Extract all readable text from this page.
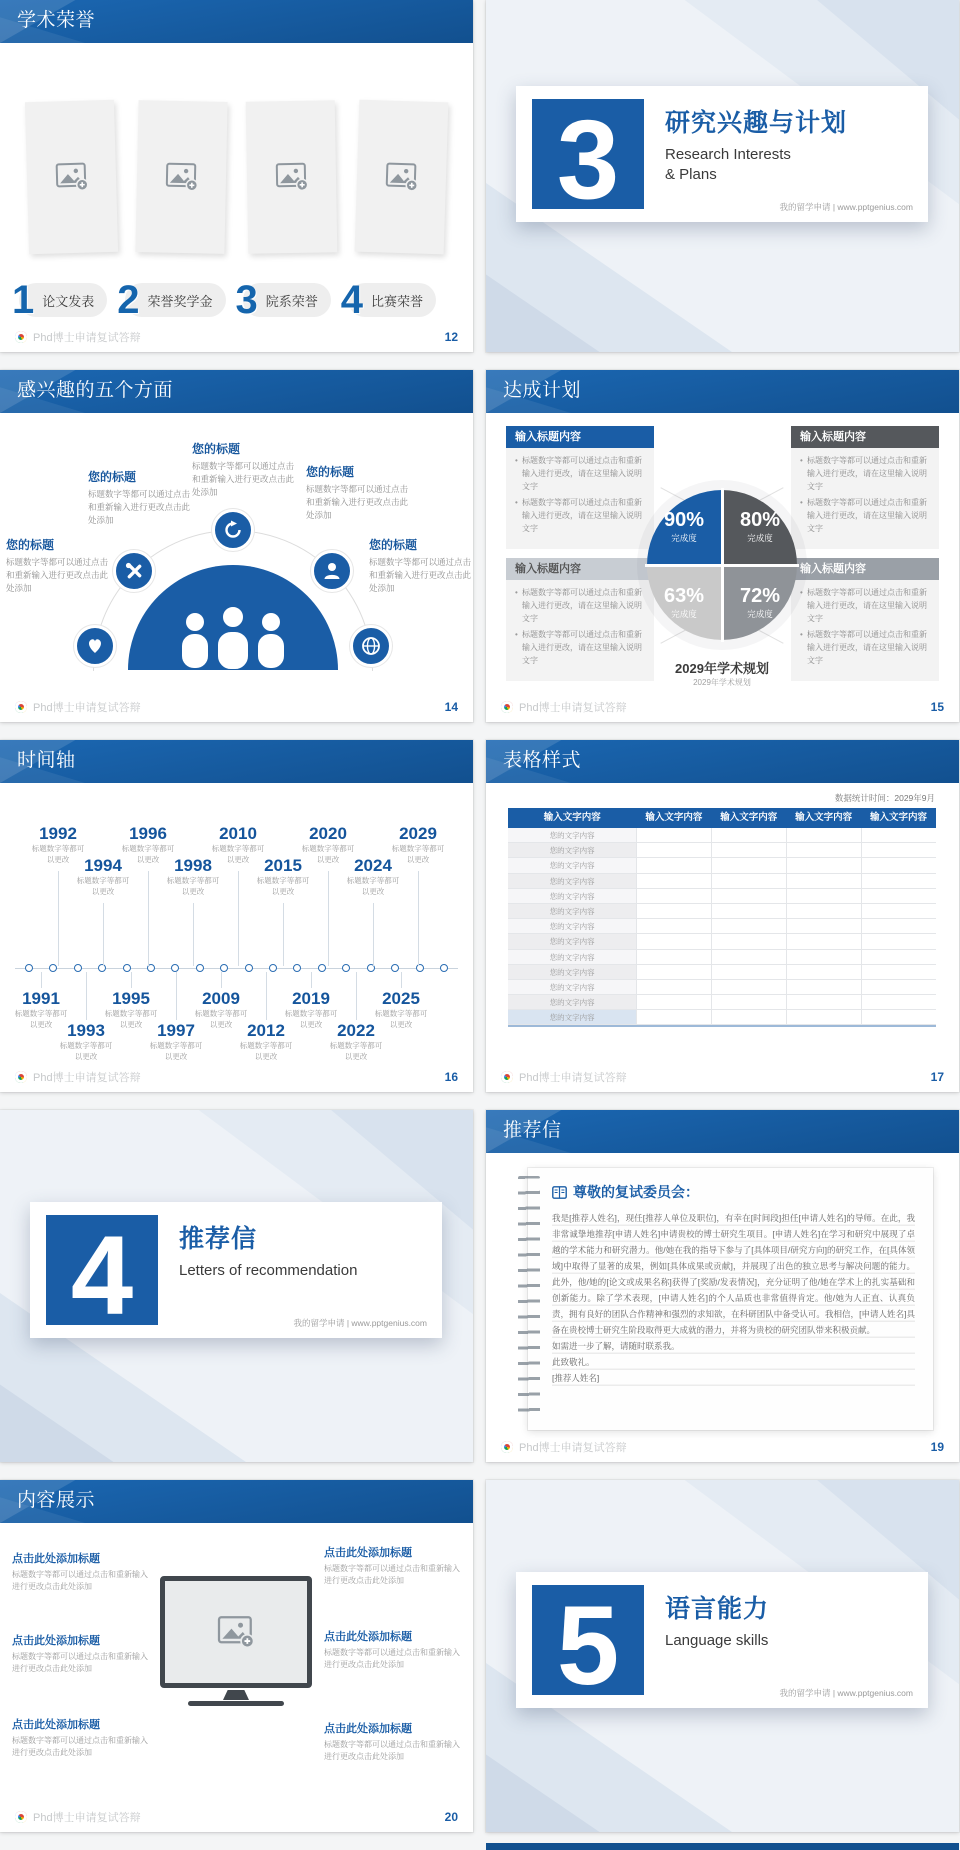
学术荣誉
1 论文发表 2 荣誉奖学金 3 院系荣誉 4 比赛荣誉
Phd博士申请复试答辩	12
3 研究兴趣与计划
Research Interests
& Plans
我的留学申请 | www.pptgenius.com
感兴趣的五个方面
您的标题
标题数字等都可以通过点击和重新输入进行更改点击此处添加
您的标题
标题数字等都可以通过点击和重新输入进行更改点击此处添加
您的标题
标题数字等都可以通过点击和重新输入进行更改点击此处添加
您的标题
标题数字等都可以通过点击和重新输入进行更改点击此处添加
您的标题
标题数字等都可以通过点击和重新输入进行更改点击此处添加
Phd博士申请复试答辩	14
达成计划
输入标题内容

• 标题数字等都可以通过点击和重新输入进行更改，请在这里输入说明文字

• 标题数字等都可以通过点击和重新输入进行更改，请在这里输入说明文字

输入标题内容

• 标题数字等都可以通过点击和重新输入进行更改，请在这里输入说明文字

• 标题数字等都可以通过点击和重新输入进行更改，请在这里输入说明文字

输入标题内容

• 标题数字等都可以通过点击和重新输入进行更改，请在这里输入说明文字

• 标题数字等都可以通过点击和重新输入进行更改，请在这里输入说明文字

输入标题内容

• 标题数字等都可以通过点击和重新输入进行更改，请在这里输入说明文字

• 标题数字等都可以通过点击和重新输入进行更改，请在这里输入说明文字

90%
完成度
80%
完成度
63%
完成度
72%
完成度
2029年学术规划
2029年学术规划
Phd博士申请复试答辩	15
时间轴
1992
标题数字等都可以更改 1994
标题数字等都可以更改
1996
标题数字等都可以更改 1998
标题数字等都可以更改
2010
标题数字等都可以更改 2015
标题数字等都可以更改
2020
标题数字等都可以更改 2024
标题数字等都可以更改
2029
标题数字等都可以更改
1991
标题数字等都可以更改 1993
标题数字等都可以更改
1995
标题数字等都可以更改 1997
标题数字等都可以更改
2009
标题数字等都可以更改 2012
标题数字等都可以更改
2019
标题数字等都可以更改 2022
标题数字等都可以更改
2025
标题数字等都可以更改
Phd博士申请复试答辩	16
表格样式
数据统计时间：2029年9月
输入文字内容	输入文字内容	输入文字内容	输入文字内容	输入文字内容
您的文字内容
您的文字内容
您的文字内容
您的文字内容
您的文字内容
您的文字内容
您的文字内容
您的文字内容
您的文字内容
您的文字内容
您的文字内容
您的文字内容
您的文字内容
Phd博士申请复试答辩	17
4 推荐信
Letters of recommendation
我的留学申请 | www.pptgenius.com
推荐信
尊敬的复试委员会：
我是[推荐人姓名]，现任[推荐人单位及职位]，有幸在[时间段]担任[申请人姓名]的导师。在此，我非常诚挚地推荐[申请人姓名]申请贵校的博士研究生项目。[申请人姓名]在学习和研究中展现了卓越的学术能力和研究潜力。他/她在我的指导下参与了[具体项目/研究方向]的研究工作，在[具体领域]中取得了显著的成果，例如[具体成果或贡献]，并展现了出色的独立思考与解决问题的能力。此外，他/她的[论文或成果名称]获得了[奖励/发表情况]，充分证明了他/她在学术上的扎实基础和创新能力。除了学术表现，[申请人姓名]的个人品质也非常值得肯定。他/她为人正直、认真负责，拥有良好的团队合作精神和强烈的求知欲，在科研团队中备受认可。我相信，[申请人姓名]具备在贵校博士研究生阶段取得更大成就的潜力，并将为贵校的研究团队带来积极贡献。
如需进一步了解，请随时联系我。
此致敬礼。
[推荐人姓名]
Phd博士申请复试答辩	19
内容展示
点击此处添加标题
标题数字等都可以通过点击和重新输入进行更改点击此处添加
点击此处添加标题
标题数字等都可以通过点击和重新输入进行更改点击此处添加
点击此处添加标题
标题数字等都可以通过点击和重新输入进行更改点击此处添加
点击此处添加标题
标题数字等都可以通过点击和重新输入进行更改点击此处添加
点击此处添加标题
标题数字等都可以通过点击和重新输入进行更改点击此处添加
点击此处添加标题
标题数字等都可以通过点击和重新输入进行更改点击此处添加
Phd博士申请复试答辩	20
5 语言能力
Language skills
我的留学申请 | www.pptgenius.com
